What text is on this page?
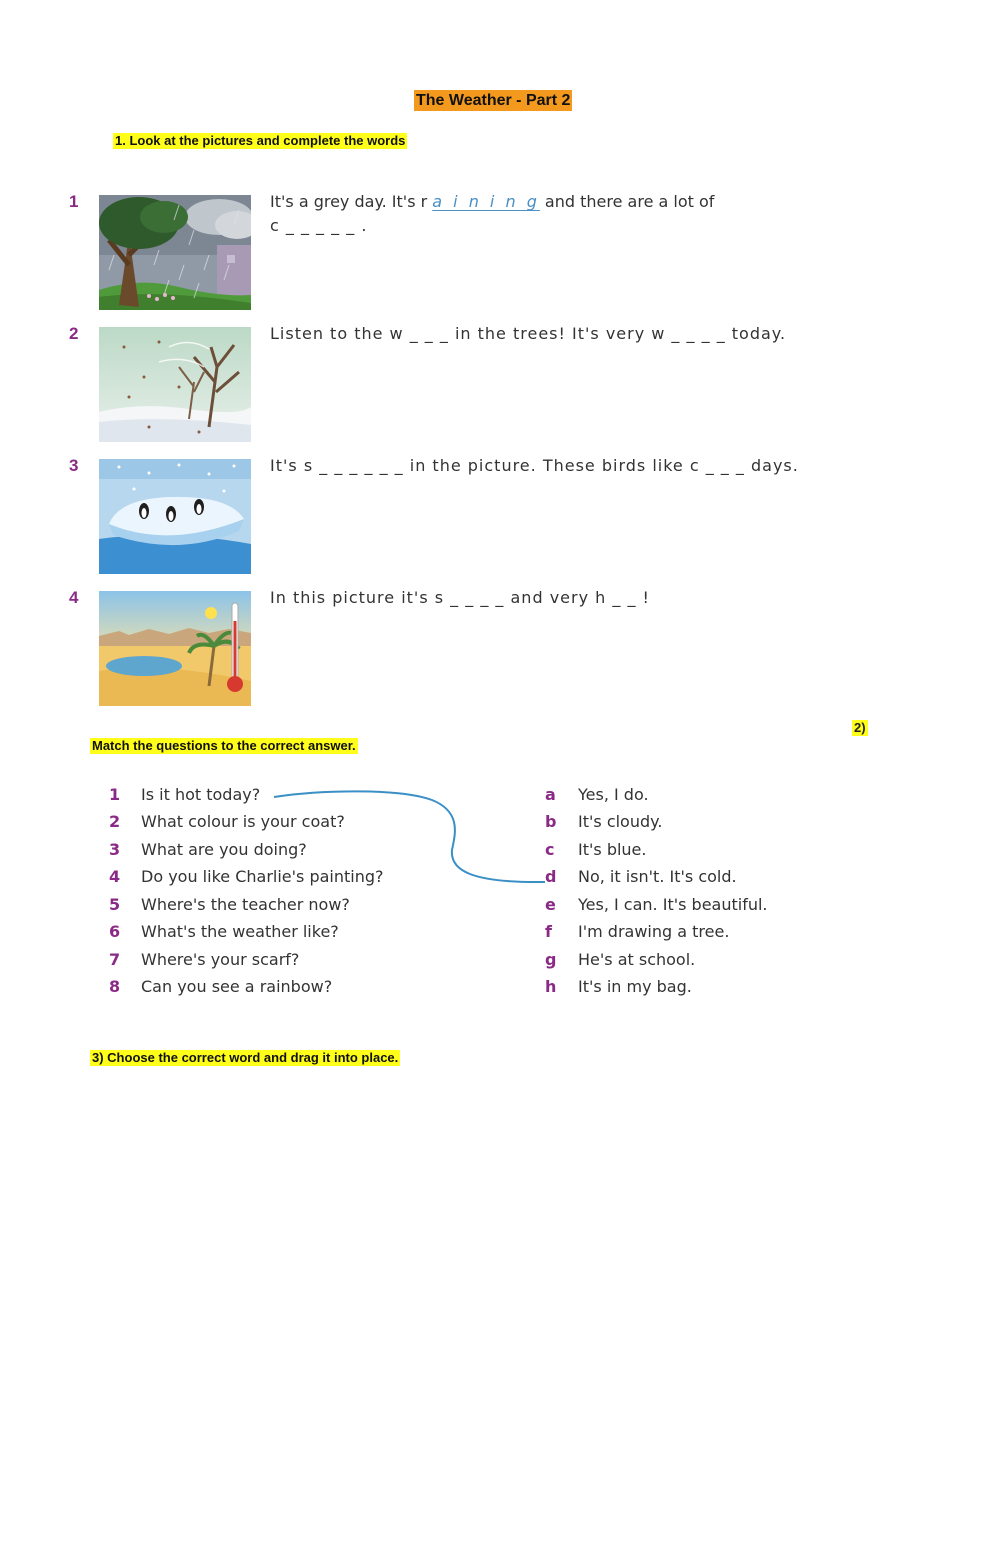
The Weather - Part 2
1. Look at the pictures and complete the words
1	It's a grey day. It's r a i n i n g and there are a lot of
c _ _ _ _ _ .
2	Listen to the w _ _ _ in the trees! It's very w _ _ _ _ today.
3	It's s _ _ _ _ _ _ in the picture. These birds like c _ _ _ days.
4	In this picture it's s _ _ _ _ and very h _ _ !
2)
Match the questions to the correct answer.
1 Is it hot today?
2 What colour is your coat?
3 What are you doing?
4 Do you like Charlie's painting?
5 Where's the teacher now?
6 What's the weather like?
7 Where's your scarf?
8 Can you see a rainbow?
a Yes, I do.
b It's cloudy.
c It's blue.
d No, it isn't. It's cold.
e Yes, I can. It's beautiful.
f I'm drawing a tree.
g He's at school.
h It's in my bag.
3) Choose the correct word and drag it into place.
